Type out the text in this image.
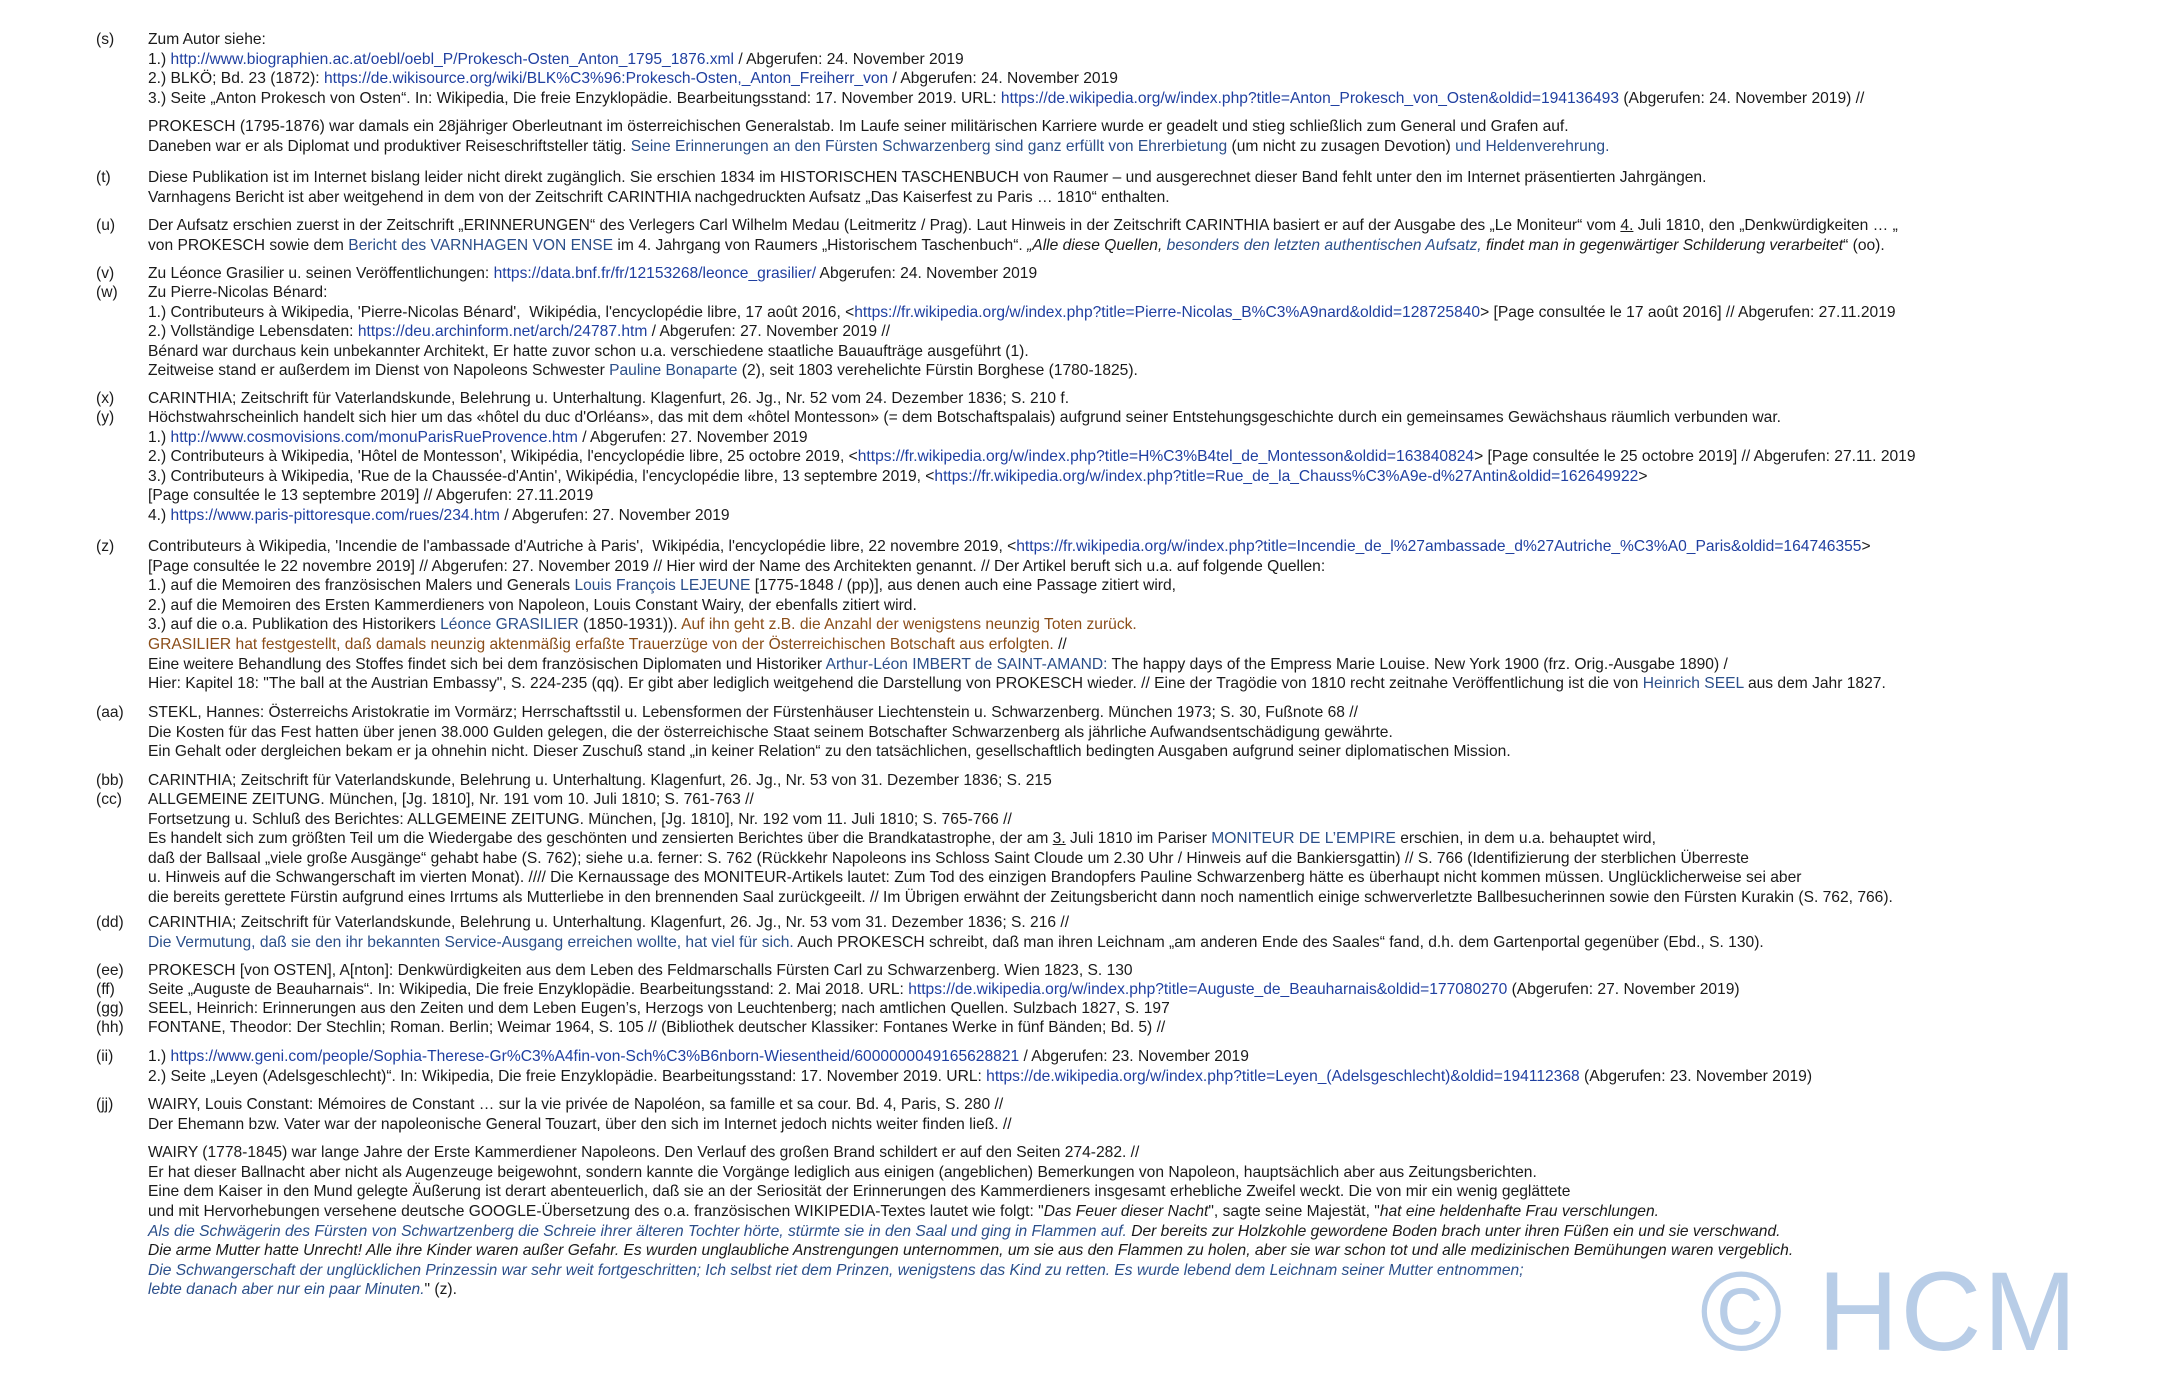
(s)	Zum Autor siehe:
1.) http://www.biographien.ac.at/oebl/oebl_P/Prokesch-Osten_Anton_1795_1876.xml / Abgerufen: 24. November 2019
2.) BLKÖ; Bd. 23 (1872): https://de.wikisource.org/wiki/BLK%C3%96:Prokesch-Osten,_Anton_Freiherr_von / Abgerufen: 24. November 2019
3.) Seite „Anton Prokesch von Osten“. In: Wikipedia, Die freie Enzyklopädie. Bearbeitungsstand: 17. November 2019. URL: https://de.wikipedia.org/w/index.php?title=Anton_Prokesch_von_Osten&oldid=194136493 (Abgerufen: 24. November 2019) //
PROKESCH (1795-1876) war damals ein 28jähriger Oberleutnant im österreichischen Generalstab. Im Laufe seiner militärischen Karriere wurde er geadelt und stieg schließlich zum General und Grafen auf.
Daneben war er als Diplomat und produktiver Reiseschriftsteller tätig. Seine Erinnerungen an den Fürsten Schwarzenberg sind ganz erfüllt von Ehrerbietung (um nicht zu zusagen Devotion) und Heldenverehrung.
(t)	Diese Publikation ist im Internet bislang leider nicht direkt zugänglich. Sie erschien 1834 im HISTORISCHEN TASCHENBUCH von Raumer – und ausgerechnet dieser Band fehlt unter den im Internet präsentierten Jahrgängen.
Varnhagens Bericht ist aber weitgehend in dem von der Zeitschrift CARINTHIA nachgedruckten Aufsatz „Das Kaiserfest zu Paris … 1810“ enthalten.
(u)	Der Aufsatz erschien zuerst in der Zeitschrift „ERINNERUNGEN“ des Verlegers Carl Wilhelm Medau (Leitmeritz / Prag). Laut Hinweis in der Zeitschrift CARINTHIA basiert er auf der Ausgabe des „Le Moniteur“ vom 4. Juli 1810, den „Denkwürdigkeiten … „
von PROKESCH sowie dem Bericht des VARNHAGEN VON ENSE im 4. Jahrgang von Raumers „Historischem Taschenbuch“. „Alle diese Quellen, besonders den letzten authentischen Aufsatz, findet man in gegenwärtiger Schilderung verarbeitet“ (oo).
(v)	Zu Léonce Grasilier u. seinen Veröffentlichungen: https://data.bnf.fr/fr/12153268/leonce_grasilier/ Abgerufen: 24. November 2019
(w)	Zu Pierre-Nicolas Bénard:
1.) Contributeurs à Wikipedia, 'Pierre-Nicolas Bénard',  Wikipédia, l'encyclopédie libre, 17 août 2016, <https://fr.wikipedia.org/w/index.php?title=Pierre-Nicolas_B%C3%A9nard&oldid=128725840> [Page consultée le 17 août 2016] // Abgerufen: 27.11.2019
2.) Vollständige Lebensdaten: https://deu.archinform.net/arch/24787.htm / Abgerufen: 27. November 2019 //
Bénard war durchaus kein unbekannter Architekt, Er hatte zuvor schon u.a. verschiedene staatliche Bauaufträge ausgeführt (1).
Zeitweise stand er außerdem im Dienst von Napoleons Schwester Pauline Bonaparte (2), seit 1803 verehelichte Fürstin Borghese (1780-1825).
(x)	CARINTHIA; Zeitschrift für Vaterlandskunde, Belehrung u. Unterhaltung. Klagenfurt, 26. Jg., Nr. 52 vom 24. Dezember 1836; S. 210 f.
(y)	Höchstwahrscheinlich handelt sich hier um das «hôtel du duc d'Orléans», das mit dem «hôtel Montesson» (= dem Botschaftspalais) aufgrund seiner Entstehungsgeschichte durch ein gemeinsames Gewächshaus räumlich verbunden war.
1.) http://www.cosmovisions.com/monuParisRueProvence.htm / Abgerufen: 27. November 2019
2.) Contributeurs à Wikipedia, 'Hôtel de Montesson', Wikipédia, l'encyclopédie libre, 25 octobre 2019, <https://fr.wikipedia.org/w/index.php?title=H%C3%B4tel_de_Montesson&oldid=163840824> [Page consultée le 25 octobre 2019] // Abgerufen: 27.11. 2019
3.) Contributeurs à Wikipedia, 'Rue de la Chaussée-d'Antin', Wikipédia, l'encyclopédie libre, 13 septembre 2019, <https://fr.wikipedia.org/w/index.php?title=Rue_de_la_Chauss%C3%A9e-d%27Antin&oldid=162649922>
[Page consultée le 13 septembre 2019] // Abgerufen: 27.11.2019
4.) https://www.paris-pittoresque.com/rues/234.htm / Abgerufen: 27. November 2019
(z)	Contributeurs à Wikipedia, 'Incendie de l'ambassade d'Autriche à Paris',  Wikipédia, l'encyclopédie libre, 22 novembre 2019, <https://fr.wikipedia.org/w/index.php?title=Incendie_de_l%27ambassade_d%27Autriche_%C3%A0_Paris&oldid=164746355>
[Page consultée le 22 novembre 2019] // Abgerufen: 27. November 2019 // Hier wird der Name des Architekten genannt. // Der Artikel beruft sich u.a. auf folgende Quellen:
1.) auf die Memoiren des französischen Malers und Generals Louis François LEJEUNE [1775-1848 / (pp)], aus denen auch eine Passage zitiert wird,
2.) auf die Memoiren des Ersten Kammerdieners von Napoleon, Louis Constant Wairy, der ebenfalls zitiert wird.
3.) auf die o.a. Publikation des Historikers Léonce GRASILIER (1850-1931)). Auf ihn geht z.B. die Anzahl der wenigstens neunzig Toten zurück.
GRASILIER hat festgestellt, daß damals neunzig aktenmäßig erfaßte Trauerzüge von der Österreichischen Botschaft aus erfolgten. //
Eine weitere Behandlung des Stoffes findet sich bei dem französischen Diplomaten und Historiker Arthur-Léon IMBERT de SAINT-AMAND: The happy days of the Empress Marie Louise. New York 1900 (frz. Orig.-Ausgabe 1890) /
Hier: Kapitel 18: "The ball at the Austrian Embassy", S. 224-235 (qq). Er gibt aber lediglich weitgehend die Darstellung von PROKESCH wieder. // Eine der Tragödie von 1810 recht zeitnahe Veröffentlichung ist die von Heinrich SEEL aus dem Jahr 1827.
(aa)	STEKL, Hannes: Österreichs Aristokratie im Vormärz; Herrschaftsstil u. Lebensformen der Fürstenhäuser Liechtenstein u. Schwarzenberg. München 1973; S. 30, Fußnote 68 //
Die Kosten für das Fest hatten über jenen 38.000 Gulden gelegen, die der österreichische Staat seinem Botschafter Schwarzenberg als jährliche Aufwandsentschädigung gewährte.
Ein Gehalt oder dergleichen bekam er ja ohnehin nicht. Dieser Zuschuß stand „in keiner Relation“ zu den tatsächlichen, gesellschaftlich bedingten Ausgaben aufgrund seiner diplomatischen Mission.
(bb)	CARINTHIA; Zeitschrift für Vaterlandskunde, Belehrung u. Unterhaltung. Klagenfurt, 26. Jg., Nr. 53 von 31. Dezember 1836; S. 215
(cc)	ALLGEMEINE ZEITUNG. München, [Jg. 1810], Nr. 191 vom 10. Juli 1810; S. 761-763 //
Fortsetzung u. Schluß des Berichtes: ALLGEMEINE ZEITUNG. München, [Jg. 1810], Nr. 192 vom 11. Juli 1810; S. 765-766 //
Es handelt sich zum größten Teil um die Wiedergabe des geschönten und zensierten Berichtes über die Brandkatastrophe, der am 3. Juli 1810 im Pariser MONITEUR DE L’EMPIRE erschien, in dem u.a. behauptet wird,
daß der Ballsaal „viele große Ausgänge“ gehabt habe (S. 762); siehe u.a. ferner: S. 762 (Rückkehr Napoleons ins Schloss Saint Cloude um 2.30 Uhr / Hinweis auf die Bankiersgattin) // S. 766 (Identifizierung der sterblichen Überreste
u. Hinweis auf die Schwangerschaft im vierten Monat). //// Die Kernaussage des MONITEUR-Artikels lautet: Zum Tod des einzigen Brandopfers Pauline Schwarzenberg hätte es überhaupt nicht kommen müssen. Unglücklicherweise sei aber
die bereits gerettete Fürstin aufgrund eines Irrtums als Mutterliebe in den brennenden Saal zurückgeeilt. // Im Übrigen erwähnt der Zeitungsbericht dann noch namentlich einige schwerverletzte Ballbesucherinnen sowie den Fürsten Kurakin (S. 762, 766).
(dd)	CARINTHIA; Zeitschrift für Vaterlandskunde, Belehrung u. Unterhaltung. Klagenfurt, 26. Jg., Nr. 53 vom 31. Dezember 1836; S. 216 //
Die Vermutung, daß sie den ihr bekannten Service-Ausgang erreichen wollte, hat viel für sich. Auch PROKESCH schreibt, daß man ihren Leichnam „am anderen Ende des Saales“ fand, d.h. dem Gartenportal gegenüber (Ebd., S. 130).
(ee)	PROKESCH [von OSTEN], A[nton]: Denkwürdigkeiten aus dem Leben des Feldmarschalls Fürsten Carl zu Schwarzenberg. Wien 1823, S. 130
(ff)	Seite „Auguste de Beauharnais“. In: Wikipedia, Die freie Enzyklopädie. Bearbeitungsstand: 2. Mai 2018. URL: https://de.wikipedia.org/w/index.php?title=Auguste_de_Beauharnais&oldid=177080270 (Abgerufen: 27. November 2019)
(gg)	SEEL, Heinrich: Erinnerungen aus den Zeiten und dem Leben Eugen’s, Herzogs von Leuchtenberg; nach amtlichen Quellen. Sulzbach 1827, S. 197
(hh)	FONTANE, Theodor: Der Stechlin; Roman. Berlin; Weimar 1964, S. 105 // (Bibliothek deutscher Klassiker: Fontanes Werke in fünf Bänden; Bd. 5) //
(ii)	1.) https://www.geni.com/people/Sophia-Therese-Gr%C3%A4fin-von-Sch%C3%B6nborn-Wiesentheid/6000000049165628821 / Abgerufen: 23. November 2019
2.) Seite „Leyen (Adelsgeschlecht)“. In: Wikipedia, Die freie Enzyklopädie. Bearbeitungsstand: 17. November 2019. URL: https://de.wikipedia.org/w/index.php?title=Leyen_(Adelsgeschlecht)&oldid=194112368 (Abgerufen: 23. November 2019)
(jj)	WAIRY, Louis Constant: Mémoires de Constant … sur la vie privée de Napoléon, sa famille et sa cour. Bd. 4, Paris, S. 280 //
Der Ehemann bzw. Vater war der napoleonische General Touzart, über den sich im Internet jedoch nichts weiter finden ließ. //
WAIRY (1778-1845) war lange Jahre der Erste Kammerdiener Napoleons. Den Verlauf des großen Brand schildert er auf den Seiten 274-282. //
Er hat dieser Ballnacht aber nicht als Augenzeuge beigewohnt, sondern kannte die Vorgänge lediglich aus einigen (angeblichen) Bemerkungen von Napoleon, hauptsächlich aber aus Zeitungsberichten.
Eine dem Kaiser in den Mund gelegte Äußerung ist derart abenteuerlich, daß sie an der Seriosität der Erinnerungen des Kammerdieners insgesamt erhebliche Zweifel weckt. Die von mir ein wenig geglättete
und mit Hervorhebungen versehene deutsche GOOGLE-Übersetzung des o.a. französischen WIKIPEDIA-Textes lautet wie folgt: "Das Feuer dieser Nacht", sagte seine Majestät, "hat eine heldenhafte Frau verschlungen.
Als die Schwägerin des Fürsten von Schwartzenberg die Schreie ihrer älteren Tochter hörte, stürmte sie in den Saal und ging in Flammen auf. Der bereits zur Holzkohle gewordene Boden brach unter ihren Füßen ein und sie verschwand.
Die arme Mutter hatte Unrecht! Alle ihre Kinder waren außer Gefahr. Es wurden unglaubliche Anstrengungen unternommen, um sie aus den Flammen zu holen, aber sie war schon tot und alle medizinischen Bemühungen waren vergeblich.
Die Schwangerschaft der unglücklichen Prinzessin war sehr weit fortgeschritten; Ich selbst riet dem Prinzen, wenigstens das Kind zu retten. Es wurde lebend dem Leichnam seiner Mutter entnommen;
lebte danach aber nur ein paar Minuten." (z).	© HCM
